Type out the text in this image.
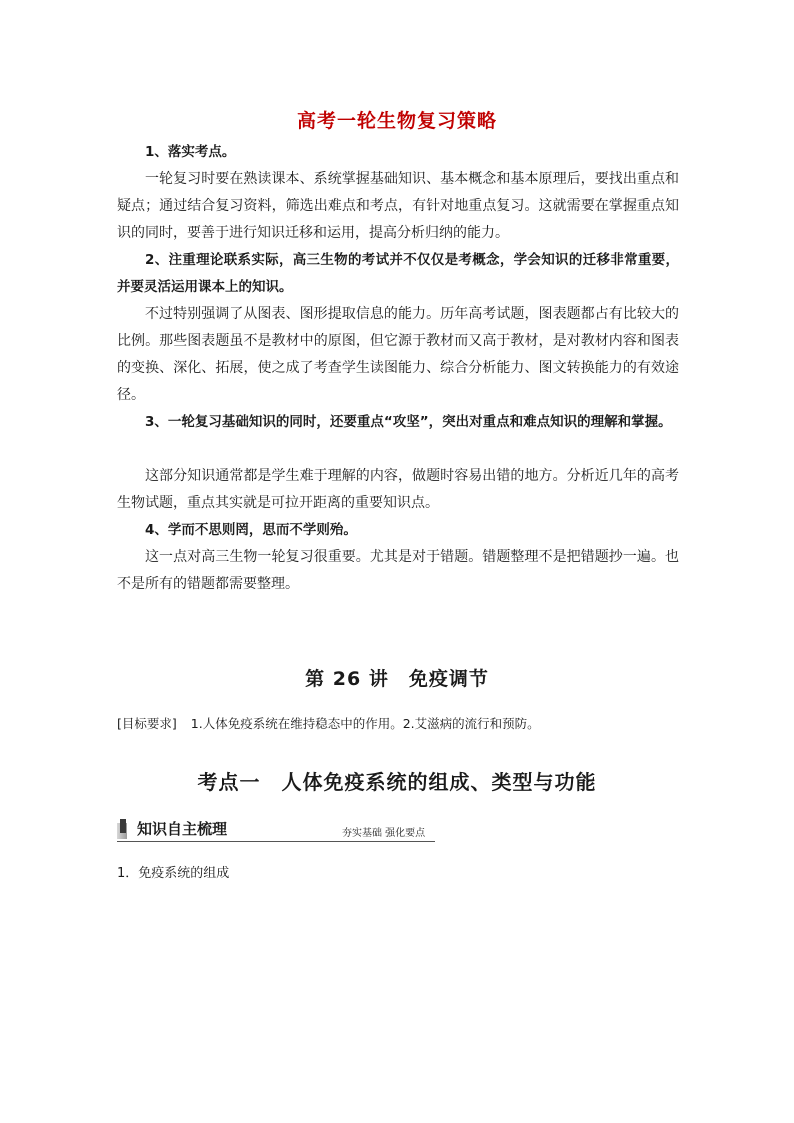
高考一轮生物复习策略

1、落实考点。

一轮复习时要在熟读课本、系统掌握基础知识、基本概念和基本原理后，要找出重点和疑点；通过结合复习资料，筛选出难点和考点，有针对地重点复习。这就需要在掌握重点知识的同时，要善于进行知识迁移和运用，提高分析归纳的能力。

2、注重理论联系实际，高三生物的考试并不仅仅是考概念，学会知识的迁移非常重要，并要灵活运用课本上的知识。

不过特别强调了从图表、图形提取信息的能力。历年高考试题，图表题都占有比较大的比例。那些图表题虽不是教材中的原图，但它源于教材而又高于教材，是对教材内容和图表的变换、深化、拓展，使之成了考查学生读图能力、综合分析能力、图文转换能力的有效途径。

3、一轮复习基础知识的同时，还要重点“攻坚”，突出对重点和难点知识的理解和掌握。

这部分知识通常都是学生难于理解的内容，做题时容易出错的地方。分析近几年的高考生物试题，重点其实就是可拉开距离的重要知识点。

4、学而不思则罔，思而不学则殆。

这一点对高三生物一轮复习很重要。尤其是对于错题。错题整理不是把错题抄一遍。也不是所有的错题都需要整理。

第 26 讲　免疫调节
[目标要求] 1.人体免疫系统在维持稳态中的作用。2.艾滋病的流行和预防。
考点一　人体免疫系统的组成、类型与功能
知识自主梳理	夯实基础 强化要点
1．免疫系统的组成
